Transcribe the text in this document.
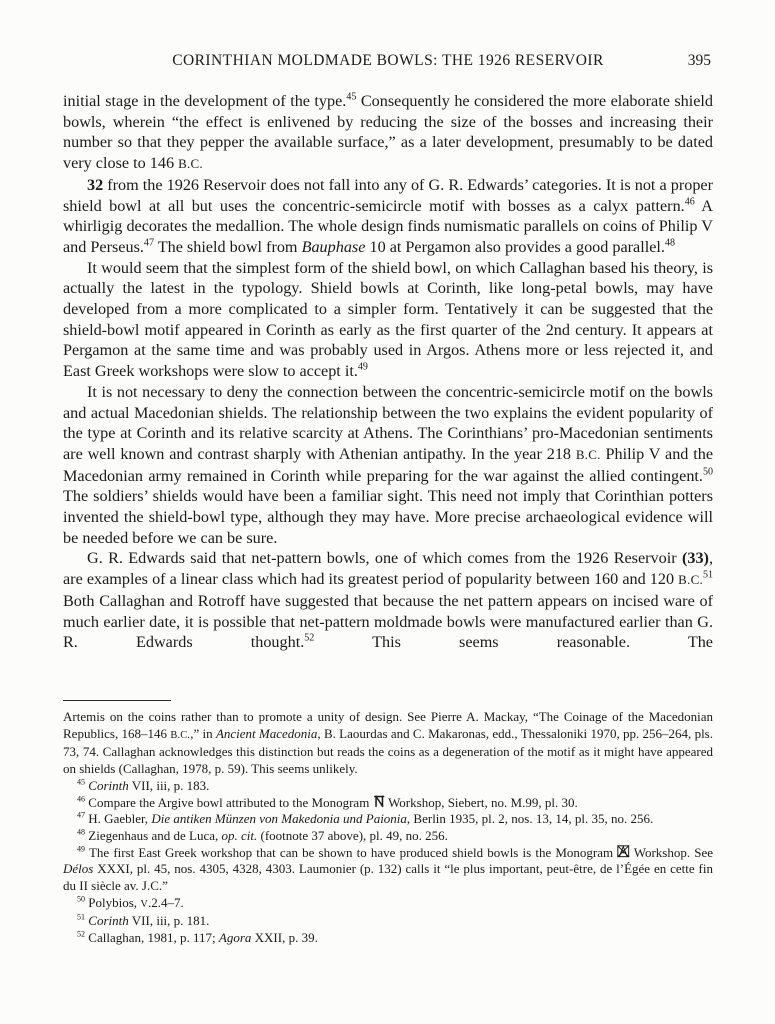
CORINTHIAN MOLDMADE BOWLS: THE 1926 RESERVOIR	395

initial stage in the development of the type.$^{45}$ Consequently he considered the more elaborate shield bowls, wherein “the effect is enlivened by reducing the size of the bosses and increasing their number so that they pepper the available surface,” as a later development, presumably to be dated very close to 146 B.C.

32 from the 1926 Reservoir does not fall into any of G. R. Edwards’ categories. It is not a proper shield bowl at all but uses the concentric-semicircle motif with bosses as a calyx pattern.$^{46}$ A whirligig decorates the medallion. The whole design finds numismatic parallels on coins of Philip V and Perseus.$^{47}$ The shield bowl from Bauphase 10 at Pergamon also provides a good parallel.$^{48}$

It would seem that the simplest form of the shield bowl, on which Callaghan based his theory, is actually the latest in the typology. Shield bowls at Corinth, like long-petal bowls, may have developed from a more complicated to a simpler form. Tentatively it can be suggested that the shield-bowl motif appeared in Corinth as early as the first quarter of the 2nd century. It appears at Pergamon at the same time and was probably used in Argos. Athens more or less rejected it, and East Greek workshops were slow to accept it.$^{49}$

It is not necessary to deny the connection between the concentric-semicircle motif on the bowls and actual Macedonian shields. The relationship between the two explains the evident popularity of the type at Corinth and its relative scarcity at Athens. The Corinthians’ pro-Macedonian sentiments are well known and contrast sharply with Athenian antipathy. In the year 218 B.C. Philip V and the Macedonian army remained in Corinth while preparing for the war against the allied contingent.$^{50}$ The soldiers’ shields would have been a familiar sight. This need not imply that Corinthian potters invented the shield-bowl type, although they may have. More precise archaeological evidence will be needed before we can be sure.

G. R. Edwards said that net-pattern bowls, one of which comes from the 1926 Reservoir (33), are examples of a linear class which had its greatest period of popularity between 160 and 120 B.C.$^{51}$ Both Callaghan and Rotroff have suggested that because the net pattern appears on incised ware of much earlier date, it is possible that net-pattern moldmade bowls were manufactured earlier than G. R. Edwards thought.$^{52}$ This seems reasonable. The

Artemis on the coins rather than to promote a unity of design. See Pierre A. Mackay, “The Coinage of the Macedonian Republics, 168–146 B.C.,” in Ancient Macedonia, B. Laourdas and C. Makaronas, edd., Thessaloniki 1970, pp. 256–264, pls. 73, 74. Callaghan acknowledges this distinction but reads the coins as a degeneration of the motif as it might have appeared on shields (Callaghan, 1978, p. 59). This seems unlikely.

$^{45}$ Corinth VII, iii, p. 183.

$^{46}$ Compare the Argive bowl attributed to the Monogram  Workshop, Siebert, no. M.99, pl. 30.

$^{47}$ H. Gaebler, Die antiken Münzen von Makedonia und Paionia, Berlin 1935, pl. 2, nos. 13, 14, pl. 35, no. 256.

$^{48}$ Ziegenhaus and de Luca, op. cit. (footnote 37 above), pl. 49, no. 256.

$^{49}$ The first East Greek workshop that can be shown to have produced shield bowls is the Monogram  Workshop. See Délos XXXI, pl. 45, nos. 4305, 4328, 4303. Laumonier (p. 132) calls it “le plus important, peut-être, de l’Égée en cette fin du II siècle av. J.C.”

$^{50}$ Polybios, V.2.4–7.

$^{51}$ Corinth VII, iii, p. 181.

$^{52}$ Callaghan, 1981, p. 117; Agora XXII, p. 39.
